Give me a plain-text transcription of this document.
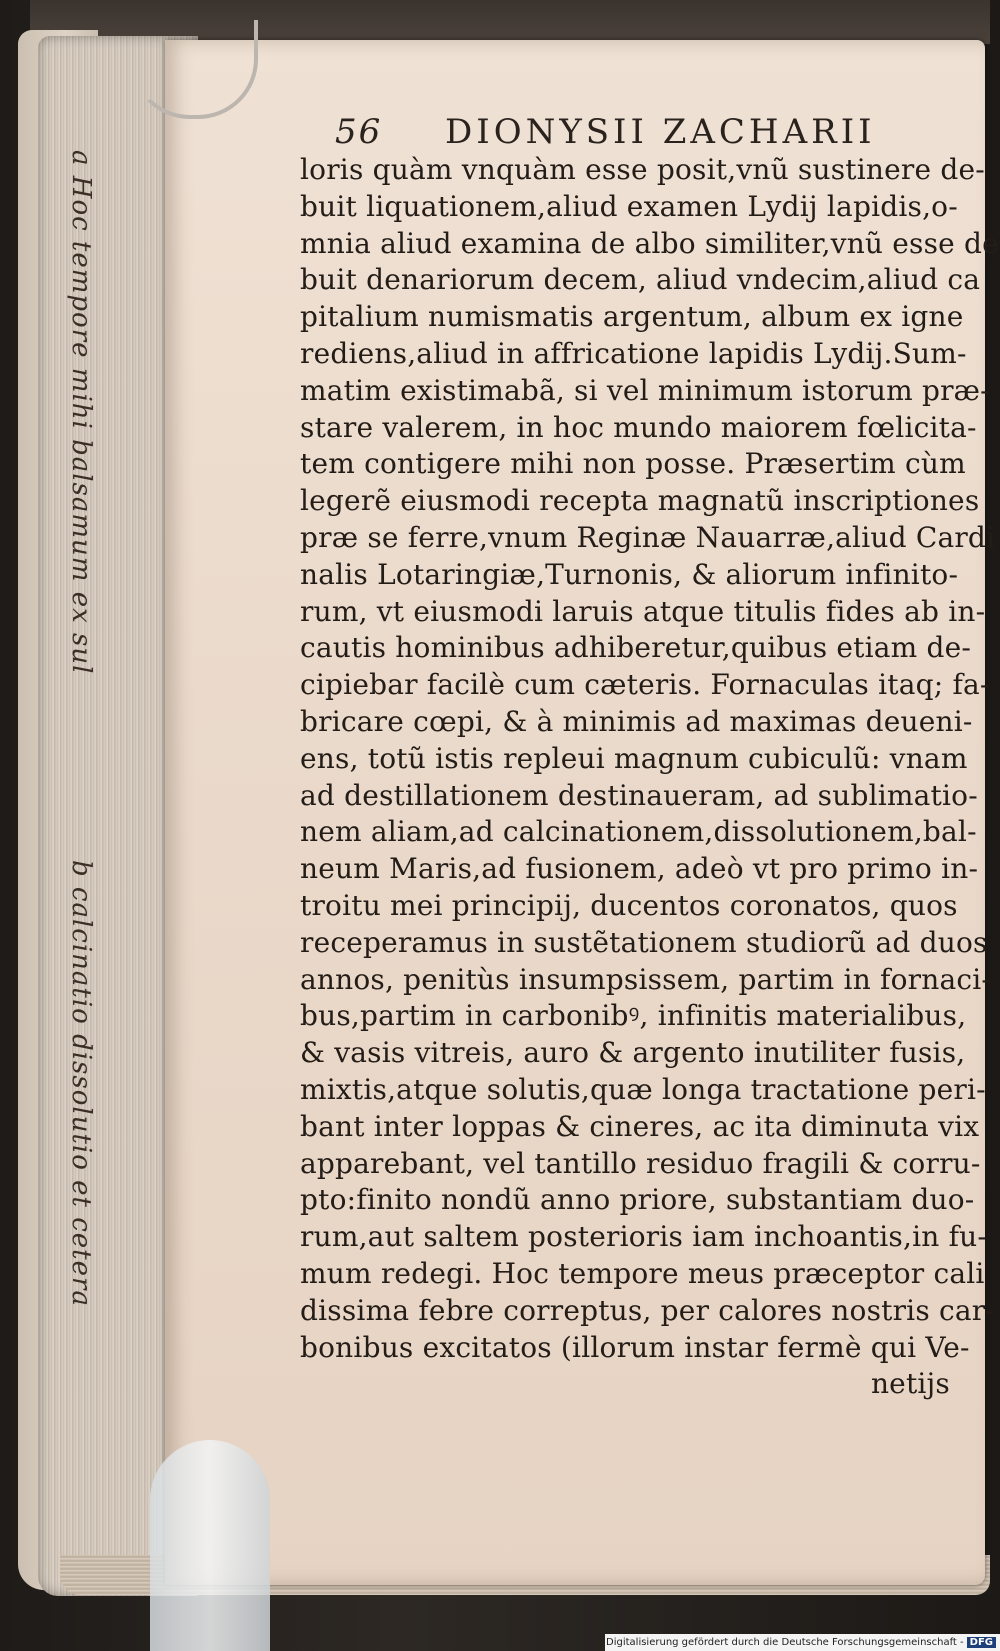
a Hoc tempore mihi balsamum ex sul
b calcinatio dissolutio et cetera
56 DIONYSII ZACHARII
loris quàm vnquàm esse posit,vnũ sustinere de-
buit liquationem,aliud examen Lydij lapidis,o-
mnia aliud examina de albo similiter,vnũ esse de
buit denariorum decem, aliud vndecim,aliud ca
pitalium numismatis argentum, album ex igne
rediens,aliud in affricatione lapidis Lydij.Sum-
matim existimabã, si vel minimum istorum præ-
stare valerem, in hoc mundo maiorem fœlicita-
tem contigere mihi non posse. Præsertim cùm
legerẽ eiusmodi recepta magnatũ inscriptiones
præ se ferre,vnum Reginæ Nauarræ,aliud Cardi
nalis Lotaringiæ,Turnonis, & aliorum infinito-
rum, vt eiusmodi laruis atque titulis fides ab in-
cautis hominibus adhiberetur,quibus etiam de-
cipiebar facilè cum cæteris. Fornaculas itaq; fa-
bricare cœpi, & à minimis ad maximas deueni-
ens, totũ istis repleui magnum cubiculũ: vnam
ad destillationem destinaueram, ad sublimatio-
nem aliam,ad calcinationem,dissolutionem,bal-
neum Maris,ad fusionem, adeò vt pro primo in-
troitu mei principij, ducentos coronatos, quos
receperamus in sustẽtationem studiorũ ad duos
annos, penitùs insumpsissem, partim in fornaci-
bus,partim in carbonibꝰ, infinitis materialibus,
& vasis vitreis, auro & argento inutiliter fusis,
mixtis,atque solutis,quæ longa tractatione peri-
bant inter loppas & cineres, ac ita diminuta vix
apparebant, vel tantillo residuo fragili & corru-
pto:finito nondũ anno priore, substantiam duo-
rum,aut saltem posterioris iam inchoantis,in fu-
mum redegi. Hoc tempore meus præceptor cali
dissima febre correptus, per calores nostris car-
bonibus excitatos (illorum instar fermè qui Ve-
netijs
Digitalisierung gefördert durch die Deutsche Forschungsgemeinschaft - DFG
